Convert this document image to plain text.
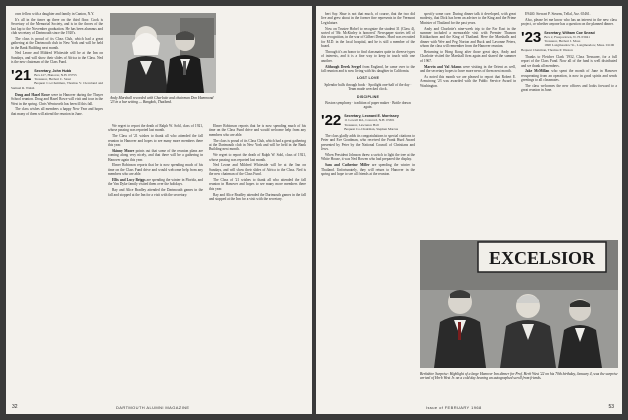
own fellow with a daughter and family in Canton, N.Y.

It's all in the timer up there on the third floor. Cook is Secretary of the Memorial Society, and is in the throes of the last lap to the November graduation. He has been alumnus and club secretary of Dartmouth since the 1920's.

The class is proud of its Class Club, which had a great gathering at the Dartmouth club in New York and will be held in the Bank Building next month.

Ned Leone and Mildred Whiteside will be at the Inn on Sundays, and will show their slides of Africa to the Class. Ned is the new chairman of the Class Fund.

'21 Secretary, John Hubb
Box 417, Hanover, N.H. 03755
Treasurer, Herbert C. Stout
Bequest Co-Chairmen, Thomas V. Cleveland and Samuel R. Walsh

Doug and Hazel Rowe were in Hanover during the Thayer School reunion. Doug and Hazel Rowe will visit and tour in the West in the spring. Chris Wentworth has been ill this fall.

The class wishes all members a happy New Year and hopes that many of them will attend the reunion in June.

We regret to report the death of Ralph W. Sohl, class of 1921, whose passing was reported last month.

The Class of '21 wishes to thank all who attended the fall reunion in Hanover and hopes to see many more members there this year.

Skinny Moore points out that some of the reunion plans are coming along very nicely, and that there will be a gathering in Hanover again this year.

Elmer Robinson reports that he is now spending much of his time on the Class Fund drive and would welcome help from any members who are able.

Ellis and Lucy Briggs are spending the winter in Florida, and the Van Dyke family visited them over the holidays.

Ray and Alice Bradley attended the Dartmouth games in the fall and stopped at the Inn for a visit with the secretary.

Elmer Robinson reports that he is now spending much of his time on the Class Fund drive and would welcome help from any members who are able.

The class is proud of its Class Club, which had a great gathering at the Dartmouth club in New York and will be held in the Bank Building next month.

We regret to report the death of Ralph W. Sohl, class of 1921, whose passing was reported last month.

Ned Leone and Mildred Whiteside will be at the Inn on Sundays, and will show their slides of Africa to the Class. Ned is the new chairman of the Class Fund.

The Class of '21 wishes to thank all who attended the fall reunion in Hanover and hopes to see many more members there this year.

Ray and Alice Bradley attended the Dartmouth games in the fall and stopped at the Inn for a visit with the secretary.

Andy Marshall recorded with Charlotte and chairman Don Hammond '23 in a bar setting — Bangkok, Thailand.
32	DARTMOUTH ALUMNI MAGAZINE

bert Say. Shue is not that much, of course, that the two did live and grew about in the former fine represents in the Vermont Legislature.

Now on Trustee Hobel to recognize the student 31 (Class 4), sorted of 'Mr. McKinley is honored.' Newspaper stories tell of this recognition, in the war of Gilbert Dennis. Hurd was recruited for M.D. in the local hospital, and he is still a member of the board.

Through it's an honor to find classmates quite in diverse types of interests, and it is a fine way to keep in touch with one another.

Although Derek Sergel from England, he came over to the fall reunion and is now living with his daughter in California.

LOST LOVE

Splendor balls through book · Spotlight one-half of the day · Team made wrecked clock.

DISCIPLINE

Boston symphony · tradition of paper maker · Bottle drawn again.

'22 Secretary, Leonard E. Morrissey
11 Lowell Rd., Concord, N.H. 03301
Treasurer, Lawrence Hall
Bequest Co-Chairman, Stephen Marcus

The class gladly adds its congratulations to special citations to Peter and Eve Goodman, who received the Frank Hurd Award presented by Peter by the National Council of Christians and Jews.

When President Johnson threw a switch to light the tree at the White House, it was Ned Bowen who had prepared the display.

Sam and Catherine Miller are spending the winter in Thailand. Unfortunately, they will return to Hanover in the spring and hope to see all friends at the reunion.

specify some care. During dinner talk it developed, with great modesty, that Dick has been an adviser to the King and the Prime Minister of Thailand for the past years.

Andy and Charlotte's nine-week trip to the Far East in the summer included a memorable visit with Premier Thanom Kittikachorn and the King of Thailand. Here the Marshalls and dinner with Wee and Peg Norton and Buck and Lavonne Peters, whom the class will remember from the Hanover reunion.

Returning to Hong Kong after those great days, Andy and Charlotte visited the Marshall firm again and shared the summer of 1967.

Marvin and Val Adams were visiting in the Orient as well, and the secretary hopes to have more news of them next month.

As noted this month we are pleased to report that Robert E. Armstrong '23 was awarded with the Public Service Award in Washington.

E9440. Stewart P. Stearns, Tellal, Arz. 65461.

Also, please let me know who has an interest in the new class project, or whether anyone has a question on the planned dinner.

'23 Secretary, Wilham Coe Snead
Box 2, Freeportown, N. H. 03041
Treasurer, Herbert J. Moss
1690 Longmeadow St., Longmeadow, Mass. 01106
Bequest Chairman, Thomas P. Weston

Thanks to Fletcher Clark '1932, Class Treasurer, for a full report of the Class Fund. Now all of the fund is well distributed and we thank all members.

Jake McMillan who spent the month of June in Hanover recuperating from an operation, is now in good spirits and sends greetings to all classmates.

The class welcomes the new officers and looks forward to a great reunion in June.

EXCELSIOR
Berkshire Surprise: Highlight of a large Hanover Inn dinner for Prof. Herb West '22 on his 70th birthday, January 4, was the surprise arrival of Herb West Jr. on a cold day bearing an autographed scroll from friends.
Issue of FEBRUARY 1968	53
